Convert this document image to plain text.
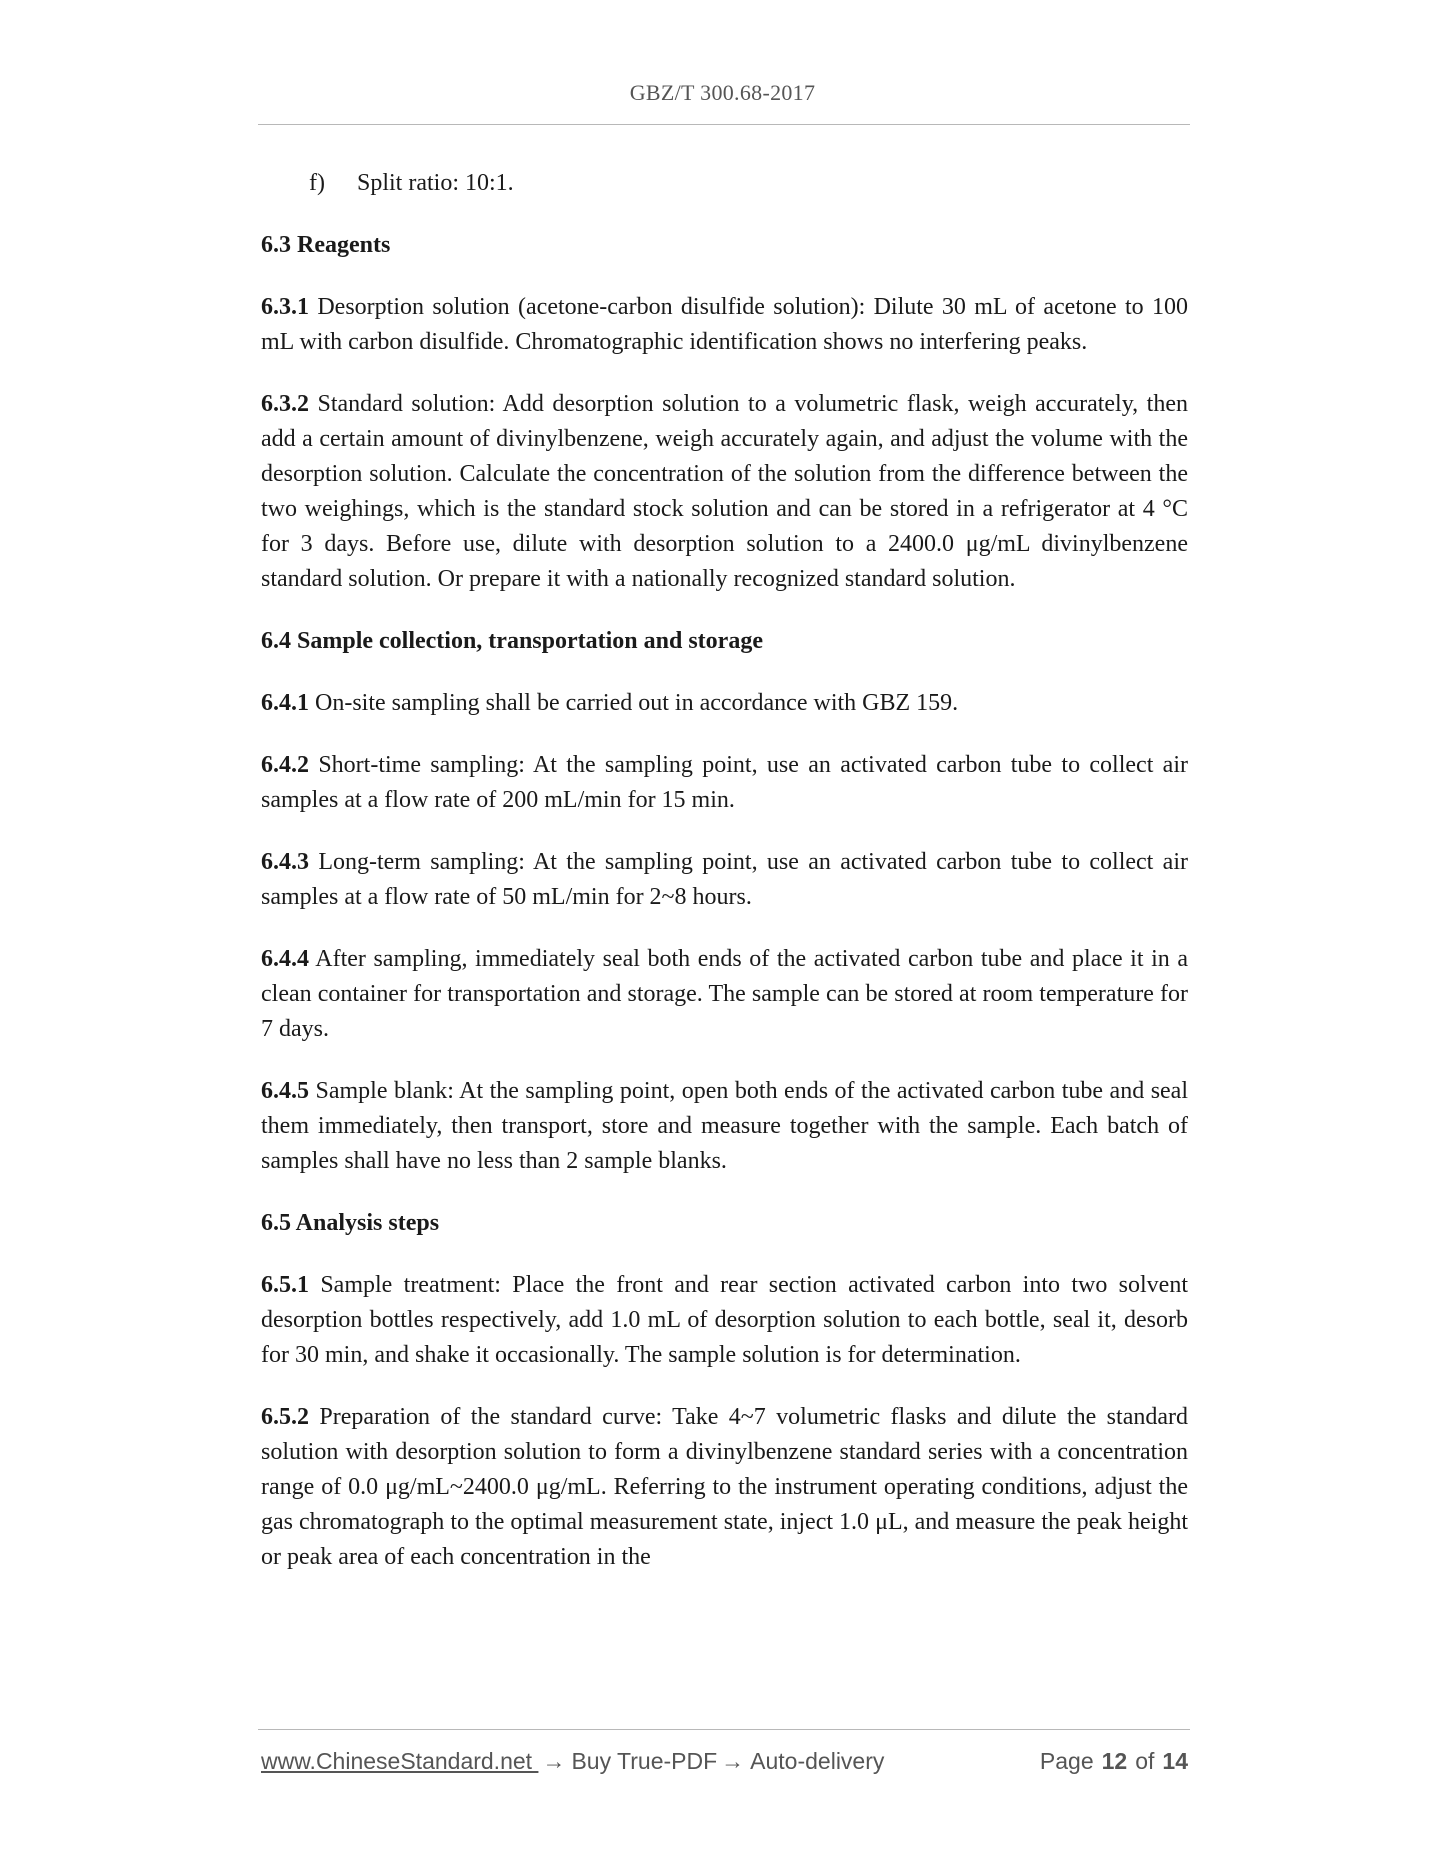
GBZ/T 300.68-2017
f) Split ratio: 10:1.
6.3 Reagents

6.3.1 Desorption solution (acetone-carbon disulfide solution): Dilute 30 mL of acetone to 100 mL with carbon disulfide. Chromatographic identification shows no interfering peaks.

6.3.2 Standard solution: Add desorption solution to a volumetric flask, weigh accurately, then add a certain amount of divinylbenzene, weigh accurately again, and adjust the volume with the desorption solution. Calculate the concentration of the solution from the difference between the two weighings, which is the standard stock solution and can be stored in a refrigerator at 4 °C for 3 days. Before use, dilute with desorption solution to a 2400.0 μg/mL divinylbenzene standard solution. Or prepare it with a nationally recognized standard solution.

6.4 Sample collection, transportation and storage

6.4.1 On-site sampling shall be carried out in accordance with GBZ 159.

6.4.2 Short-time sampling: At the sampling point, use an activated carbon tube to collect air samples at a flow rate of 200 mL/min for 15 min.

6.4.3 Long-term sampling: At the sampling point, use an activated carbon tube to collect air samples at a flow rate of 50 mL/min for 2~8 hours.

6.4.4 After sampling, immediately seal both ends of the activated carbon tube and place it in a clean container for transportation and storage. The sample can be stored at room temperature for 7 days.

6.4.5 Sample blank: At the sampling point, open both ends of the activated carbon tube and seal them immediately, then transport, store and measure together with the sample. Each batch of samples shall have no less than 2 sample blanks.

6.5 Analysis steps

6.5.1 Sample treatment: Place the front and rear section activated carbon into two solvent desorption bottles respectively, add 1.0 mL of desorption solution to each bottle, seal it, desorb for 30 min, and shake it occasionally. The sample solution is for determination.

6.5.2 Preparation of the standard curve: Take 4~7 volumetric flasks and dilute the standard solution with desorption solution to form a divinylbenzene standard series with a concentration range of 0.0 μg/mL~2400.0 μg/mL. Referring to the instrument operating conditions, adjust the gas chromatograph to the optimal measurement state, inject 1.0 μL, and measure the peak height or peak area of each concentration in the

www.ChineseStandard.net → Buy True-PDF → Auto-delivery	Page 12 of 14
